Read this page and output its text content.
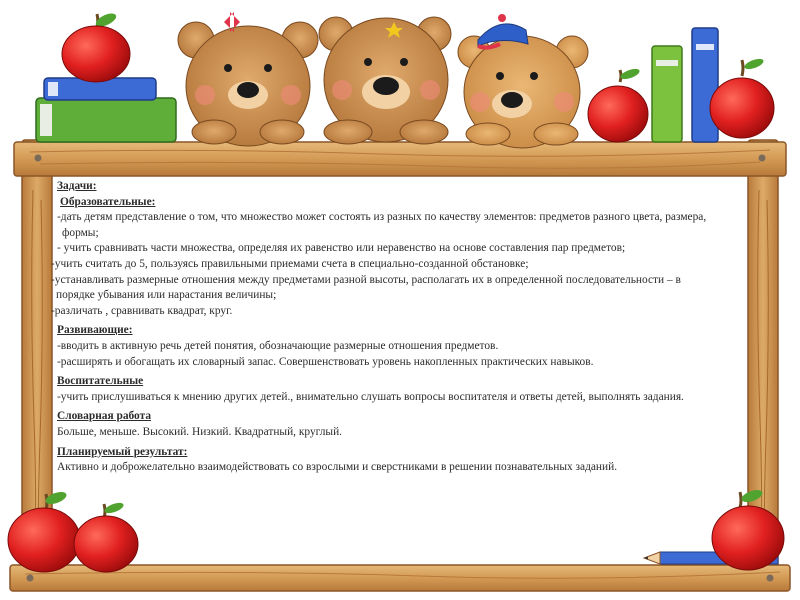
Задачи:

Образовательные:

-дать детям представление о том, что множество может состоять из разных по качеству элементов: предметов разного цвета, размера, формы;

- учить сравнивать части множества, определяя их равенство или неравенство на основе составления пар предметов;

-учить считать до 5, пользуясь правильными приемами счета в специально-созданной обстановке;

-устанавливать размерные отношения между предметами разной высоты, располагать их в определенной последовательности – в порядке убывания или нарастания величины;

-различать , сравнивать квадрат, круг.

Развивающие:

-вводить в активную речь детей понятия, обозначающие размерные отношения предметов.

-расширять и обогащать их словарный запас. Совершенствовать уровень накопленных практических навыков.

Воспитательные

-учить прислушиваться к мнению других детей., внимательно слушать вопросы воспитателя и ответы детей, выполнять задания.

Словарная работа

Больше, меньше. Высокий. Низкий. Квадратный, круглый.

Планируемый результат:

Активно и доброжелательно взаимодействовать со взрослыми и сверстниками в решении познавательных заданий.
